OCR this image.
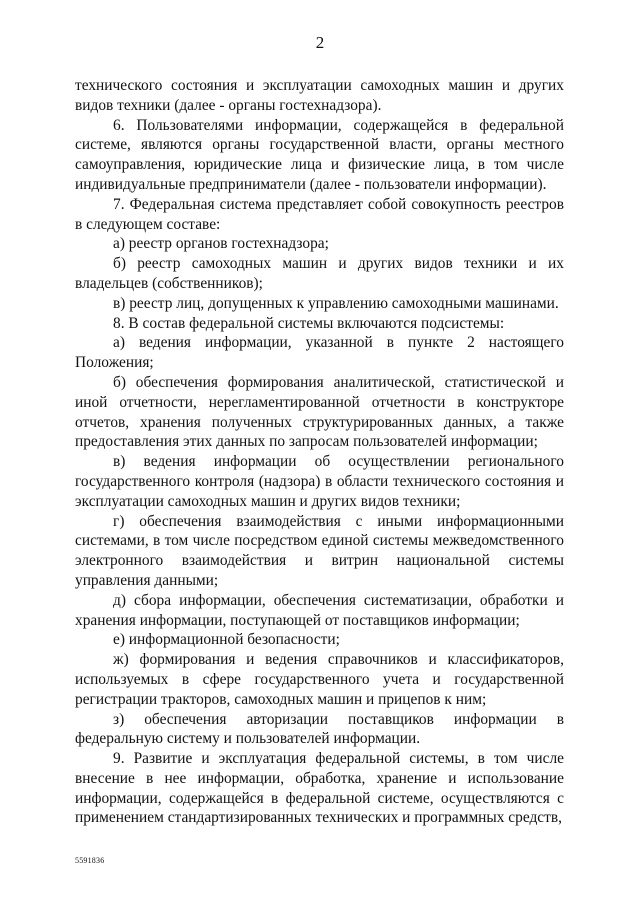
2

технического состояния и эксплуатации самоходных машин и других видов техники (далее - органы гостехнадзора).

6. Пользователями информации, содержащейся в федеральной системе, являются органы государственной власти, органы местного самоуправления, юридические лица и физические лица, в том числе индивидуальные предприниматели (далее - пользователи информации).

7. Федеральная система представляет собой совокупность реестров в следующем составе:

а) реестр органов гостехнадзора;

б) реестр самоходных машин и других видов техники и их владельцев (собственников);

в) реестр лиц, допущенных к управлению самоходными машинами.

8. В состав федеральной системы включаются подсистемы:

а) ведения информации, указанной в пункте 2 настоящего Положения;

б) обеспечения формирования аналитической, статистической и иной отчетности, нерегламентированной отчетности в конструкторе отчетов, хранения полученных структурированных данных, а также предоставления этих данных по запросам пользователей информации;

в) ведения информации об осуществлении регионального государственного контроля (надзора) в области технического состояния и эксплуатации самоходных машин и других видов техники;

г) обеспечения взаимодействия с иными информационными системами, в том числе посредством единой системы межведомственного электронного взаимодействия и витрин национальной системы управления данными;

д) сбора информации, обеспечения систематизации, обработки и хранения информации, поступающей от поставщиков информации;

е) информационной безопасности;

ж) формирования и ведения справочников и классификаторов, используемых в сфере государственного учета и государственной регистрации тракторов, самоходных машин и прицепов к ним;

з) обеспечения авторизации поставщиков информации в федеральную систему и пользователей информации.

9. Развитие и эксплуатация федеральной системы, в том числе внесение в нее информации, обработка, хранение и использование информации, содержащейся в федеральной системе, осуществляются с применением стандартизированных технических и программных средств,

5591836
